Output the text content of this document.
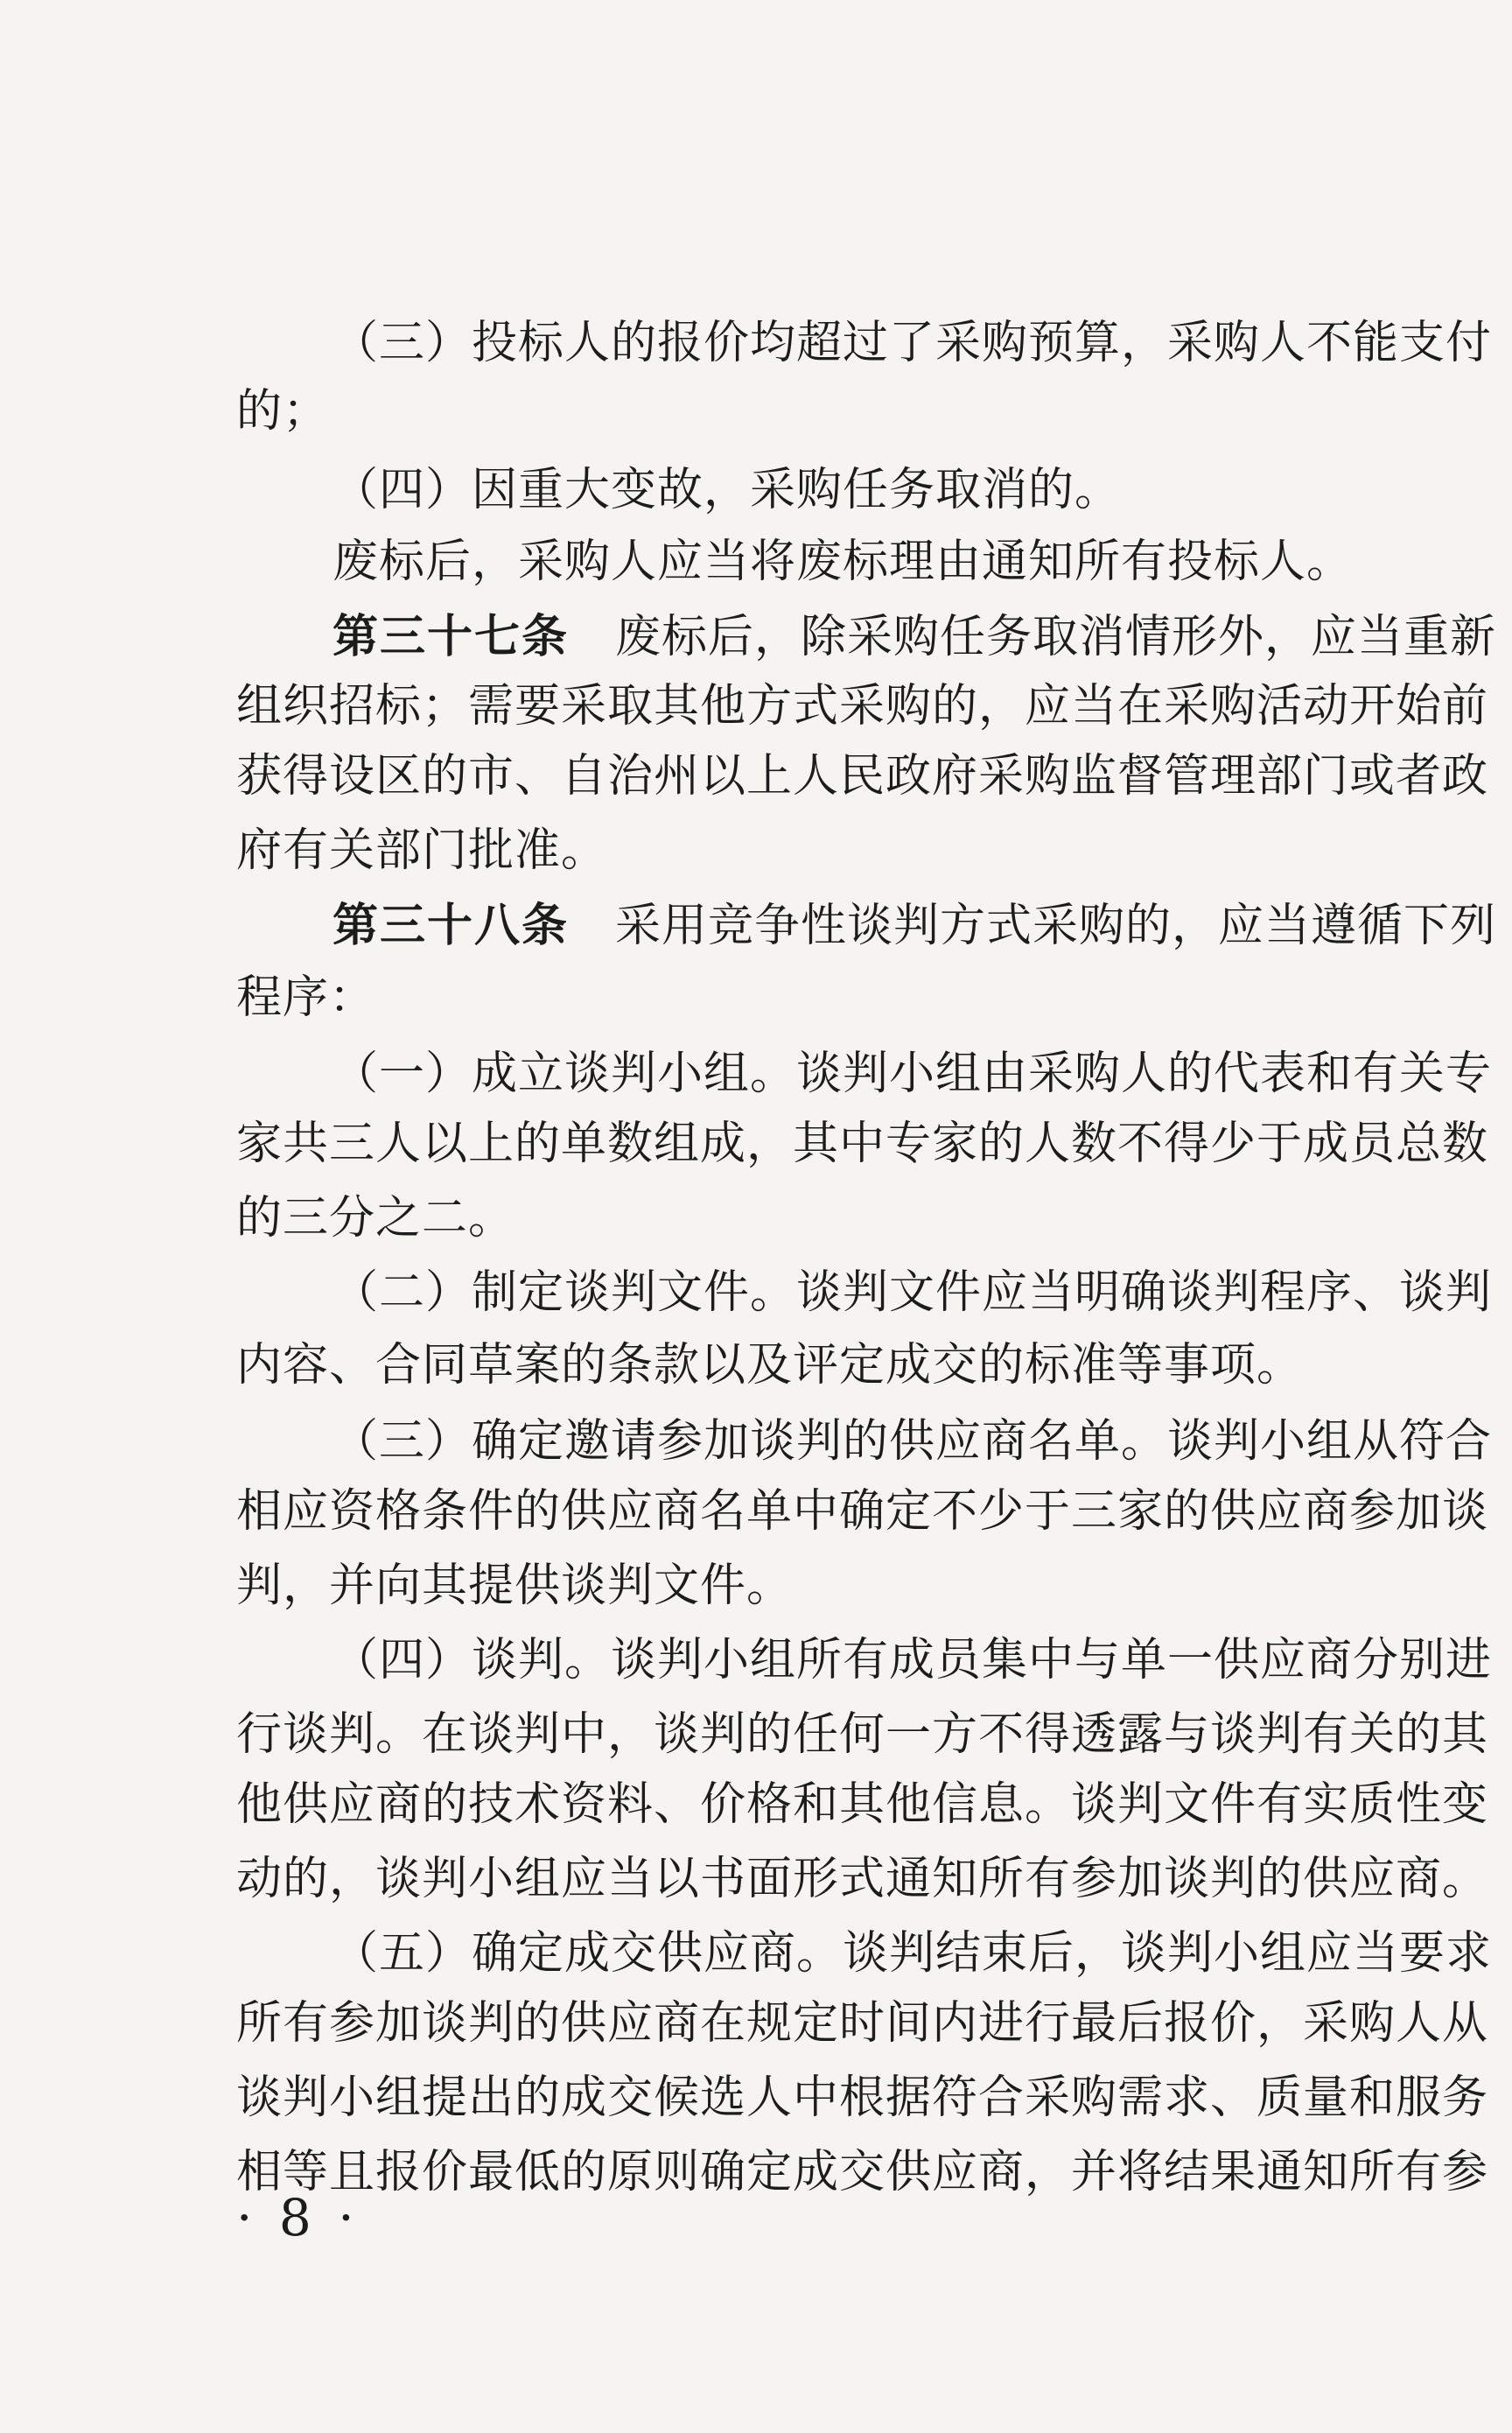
（三）投标人的报价均超过了采购预算，采购人不能支付
的；
（四）因重大变故，采购任务取消的。
废标后，采购人应当将废标理由通知所有投标人。
第三十七条　废标后，除采购任务取消情形外，应当重新
组织招标；需要采取其他方式采购的，应当在采购活动开始前
获得设区的市、自治州以上人民政府采购监督管理部门或者政
府有关部门批准。
第三十八条　采用竞争性谈判方式采购的，应当遵循下列
程序：
（一）成立谈判小组。谈判小组由采购人的代表和有关专
家共三人以上的单数组成，其中专家的人数不得少于成员总数
的三分之二。
（二）制定谈判文件。谈判文件应当明确谈判程序、谈判
内容、合同草案的条款以及评定成交的标准等事项。
（三）确定邀请参加谈判的供应商名单。谈判小组从符合
相应资格条件的供应商名单中确定不少于三家的供应商参加谈
判，并向其提供谈判文件。
（四）谈判。谈判小组所有成员集中与单一供应商分别进
行谈判。在谈判中，谈判的任何一方不得透露与谈判有关的其
他供应商的技术资料、价格和其他信息。谈判文件有实质性变
动的，谈判小组应当以书面形式通知所有参加谈判的供应商。
（五）确定成交供应商。谈判结束后，谈判小组应当要求
所有参加谈判的供应商在规定时间内进行最后报价，采购人从
谈判小组提出的成交候选人中根据符合采购需求、质量和服务
相等且报价最低的原则确定成交供应商，并将结果通知所有参
· 8 ·
